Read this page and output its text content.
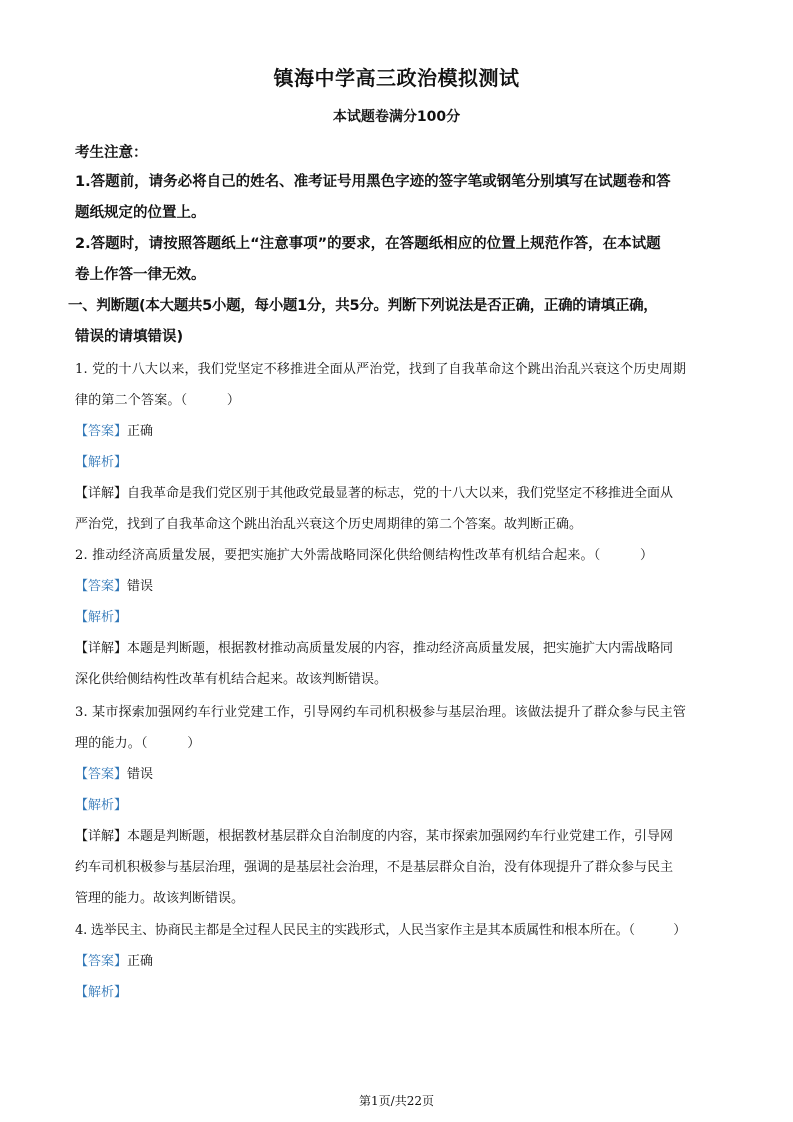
镇海中学高三政治模拟测试
本试题卷满分100分
考生注意：
1.答题前，请务必将自己的姓名、准考证号用黑色字迹的签字笔或钢笔分别填写在试题卷和答
题纸规定的位置上。
2.答题时，请按照答题纸上“注意事项”的要求，在答题纸相应的位置上规范作答，在本试题
卷上作答一律无效。
一、判断题(本大题共5小题，每小题1分，共5分。判断下列说法是否正确，正确的请填正确，
错误的请填错误)
1. 党的十八大以来，我们党坚定不移推进全面从严治党，找到了自我革命这个跳出治乱兴衰这个历史周期
律的第二个答案。（　　　）
【答案】正确
【解析】
【详解】自我革命是我们党区别于其他政党最显著的标志，党的十八大以来，我们党坚定不移推进全面从
严治党，找到了自我革命这个跳出治乱兴衰这个历史周期律的第二个答案。故判断正确。
2. 推动经济高质量发展，要把实施扩大外需战略同深化供给侧结构性改革有机结合起来。（　　　）
【答案】错误
【解析】
【详解】本题是判断题，根据教材推动高质量发展的内容，推动经济高质量发展，把实施扩大内需战略同
深化供给侧结构性改革有机结合起来。故该判断错误。
3. 某市探索加强网约车行业党建工作，引导网约车司机积极参与基层治理。该做法提升了群众参与民主管
理的能力。（　　　）
【答案】错误
【解析】
【详解】本题是判断题，根据教材基层群众自治制度的内容，某市探索加强网约车行业党建工作，引导网
约车司机积极参与基层治理，强调的是基层社会治理，不是基层群众自治，没有体现提升了群众参与民主
管理的能力。故该判断错误。
4. 选举民主、协商民主都是全过程人民民主的实践形式，人民当家作主是其本质属性和根本所在。（　　　）
【答案】正确
【解析】
第1页/共22页
